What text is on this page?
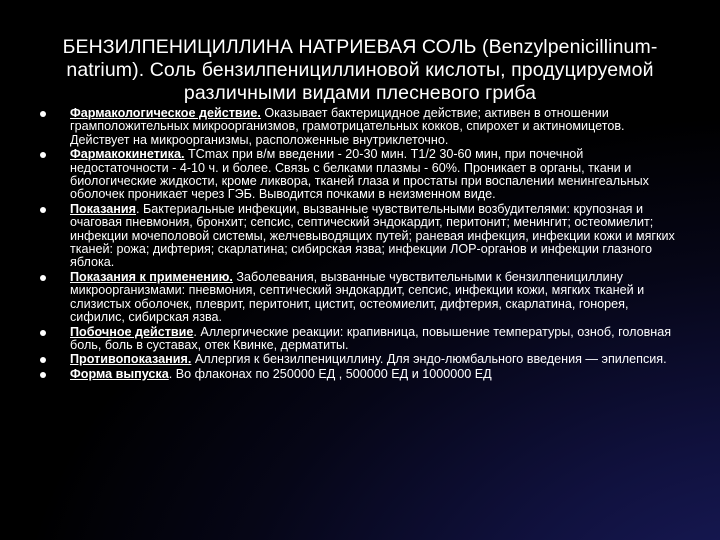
БЕНЗИЛПЕНИЦИЛЛИНА НАТРИЕВАЯ СОЛЬ (Benzylpenicillinum-natrium). Соль бензилпенициллиновой кислоты, продуцируемой различными видами плесневого гриба
Фармакологическое действие. Оказывает бактерицидное действие; активен в отношении грамположительных микроорганизмов, грамотрицательных кокков, спирохет и актиномицетов. Действует на микроорганизмы, расположенные внутриклеточно.
Фармакокинетика. ТСmax при в/м введении - 20-30 мин. Т1/2 30-60 мин, при почечной недостаточности - 4-10 ч. и более. Связь с белками плазмы - 60%. Проникает в органы, ткани и биологические жидкости, кроме ликвора, тканей глаза и простаты при воспалении менингеальных оболочек проникает через ГЭБ. Выводится почками в неизменном виде.
Показания. Бактериальные инфекции, вызванные чувствительными возбудителями: крупозная и очаговая пневмония, бронхит; сепсис, септический эндокардит, перитонит; менингит; остеомиелит; инфекции мочеполовой системы, желчевыводящих путей; раневая инфекция, инфекции кожи и мягких тканей: рожа; дифтерия; скарлатина; сибирская язва; инфекции ЛОР-органов и инфекции глазного яблока.
Показания к применению. Заболевания, вызванные чувствительными к бензилпенициллину микроорганизмами: пневмония, септический эндокардит, сепсис, инфекции кожи, мягких тканей и слизистых оболочек, плеврит, перитонит, цистит, остеомиелит, дифтерия, скарлатина, гонорея, сифилис, сибирская язва.
Побочное действие. Аллергические реакции: крапивница, повышение температуры, озноб, головная боль, боль в суставах, отек Квинке, дерматиты.
Противопоказания. Аллергия к бензилпенициллину. Для эндо-люмбального введения — эпилепсия.
Форма выпуска. Во флаконах по 250000 ЕД , 500000 ЕД и 1000000 ЕД
